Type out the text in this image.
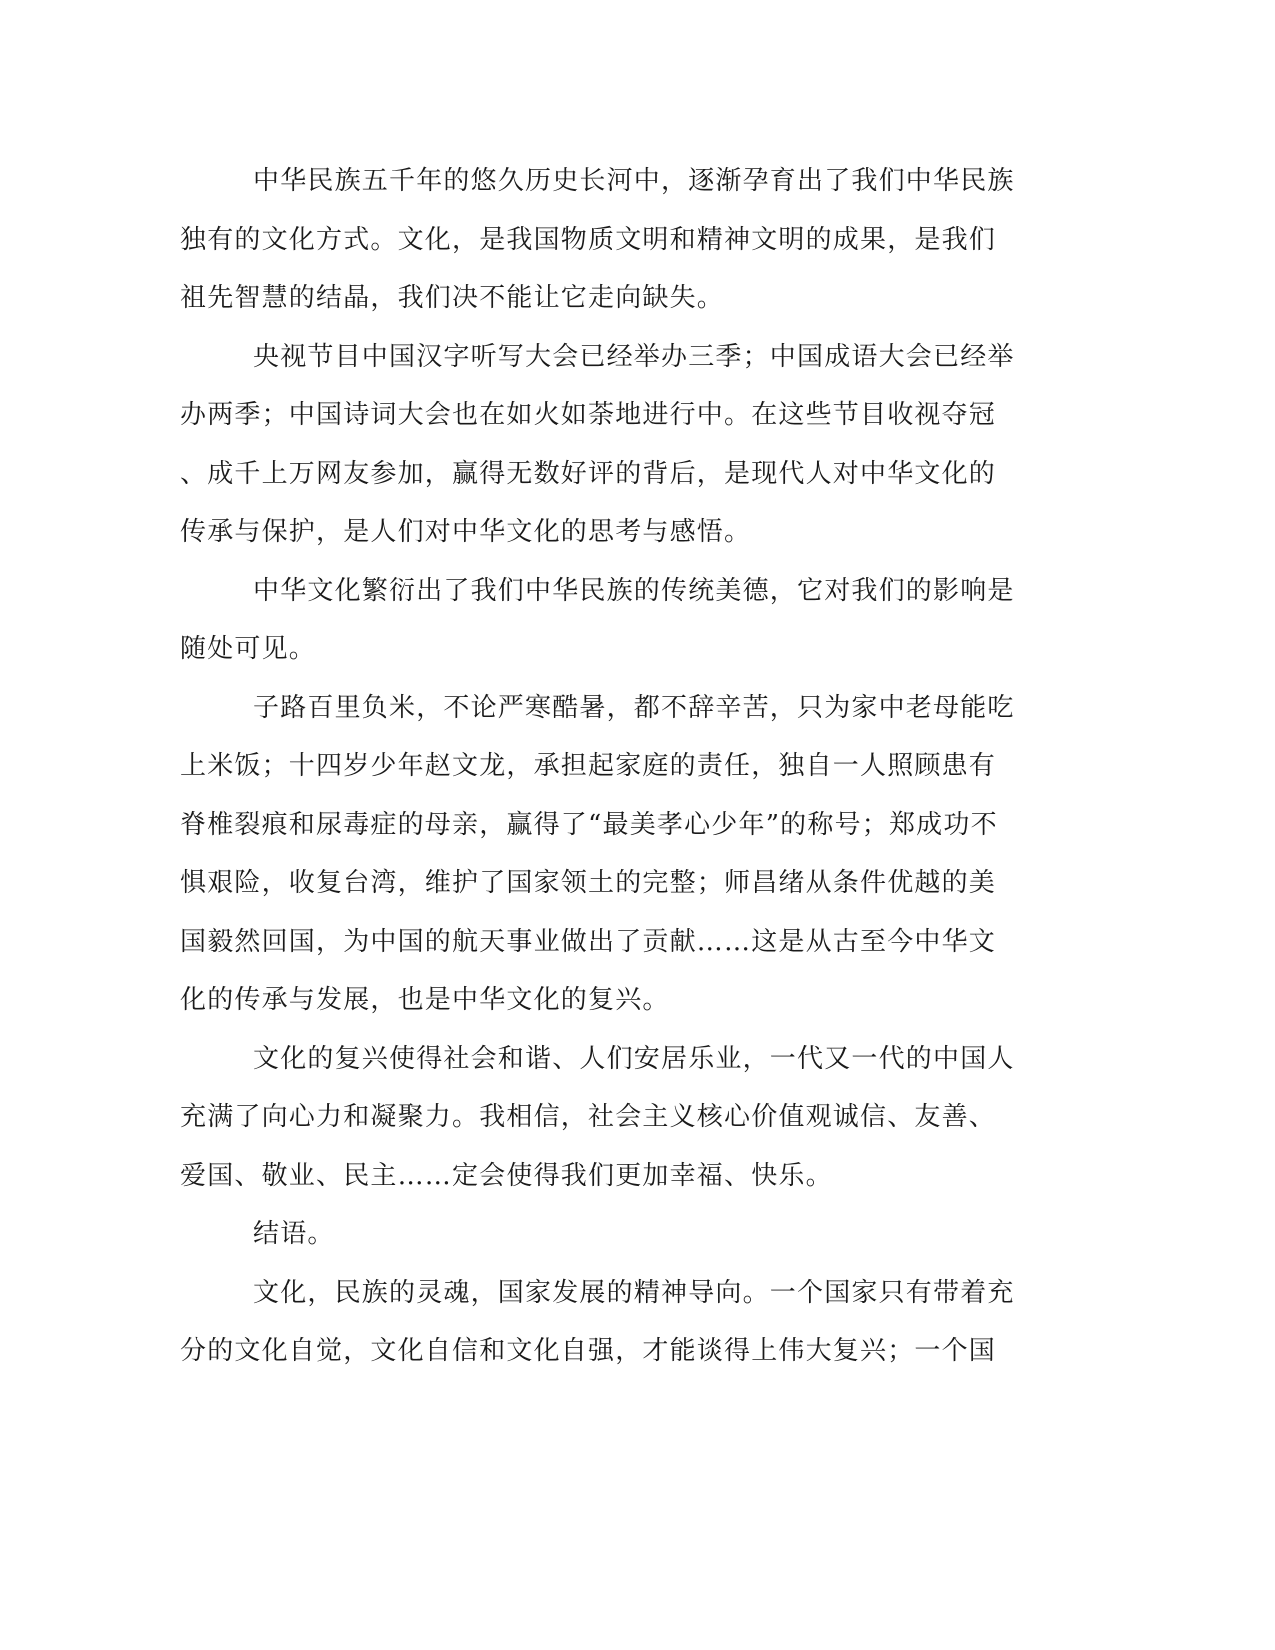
中华民族五千年的悠久历史长河中，逐渐孕育出了我们中华民族
独有的文化方式。文化，是我国物质文明和精神文明的成果，是我们
祖先智慧的结晶，我们决不能让它走向缺失。
央视节目中国汉字听写大会已经举办三季；中国成语大会已经举
办两季；中国诗词大会也在如火如荼地进行中。在这些节目收视夺冠
、成千上万网友参加，赢得无数好评的背后，是现代人对中华文化的
传承与保护，是人们对中华文化的思考与感悟。
中华文化繁衍出了我们中华民族的传统美德，它对我们的影响是
随处可见。
子路百里负米，不论严寒酷暑，都不辞辛苦，只为家中老母能吃
上米饭；十四岁少年赵文龙，承担起家庭的责任，独自一人照顾患有
脊椎裂痕和尿毒症的母亲，赢得了“最美孝心少年”的称号；郑成功不
惧艰险，收复台湾，维护了国家领土的完整；师昌绪从条件优越的美
国毅然回国，为中国的航天事业做出了贡献……这是从古至今中华文
化的传承与发展，也是中华文化的复兴。
文化的复兴使得社会和谐、人们安居乐业，一代又一代的中国人
充满了向心力和凝聚力。我相信，社会主义核心价值观诚信、友善、
爱国、敬业、民主……定会使得我们更加幸福、快乐。
结语。
文化，民族的灵魂，国家发展的精神导向。一个国家只有带着充
分的文化自觉，文化自信和文化自强，才能谈得上伟大复兴；一个国
